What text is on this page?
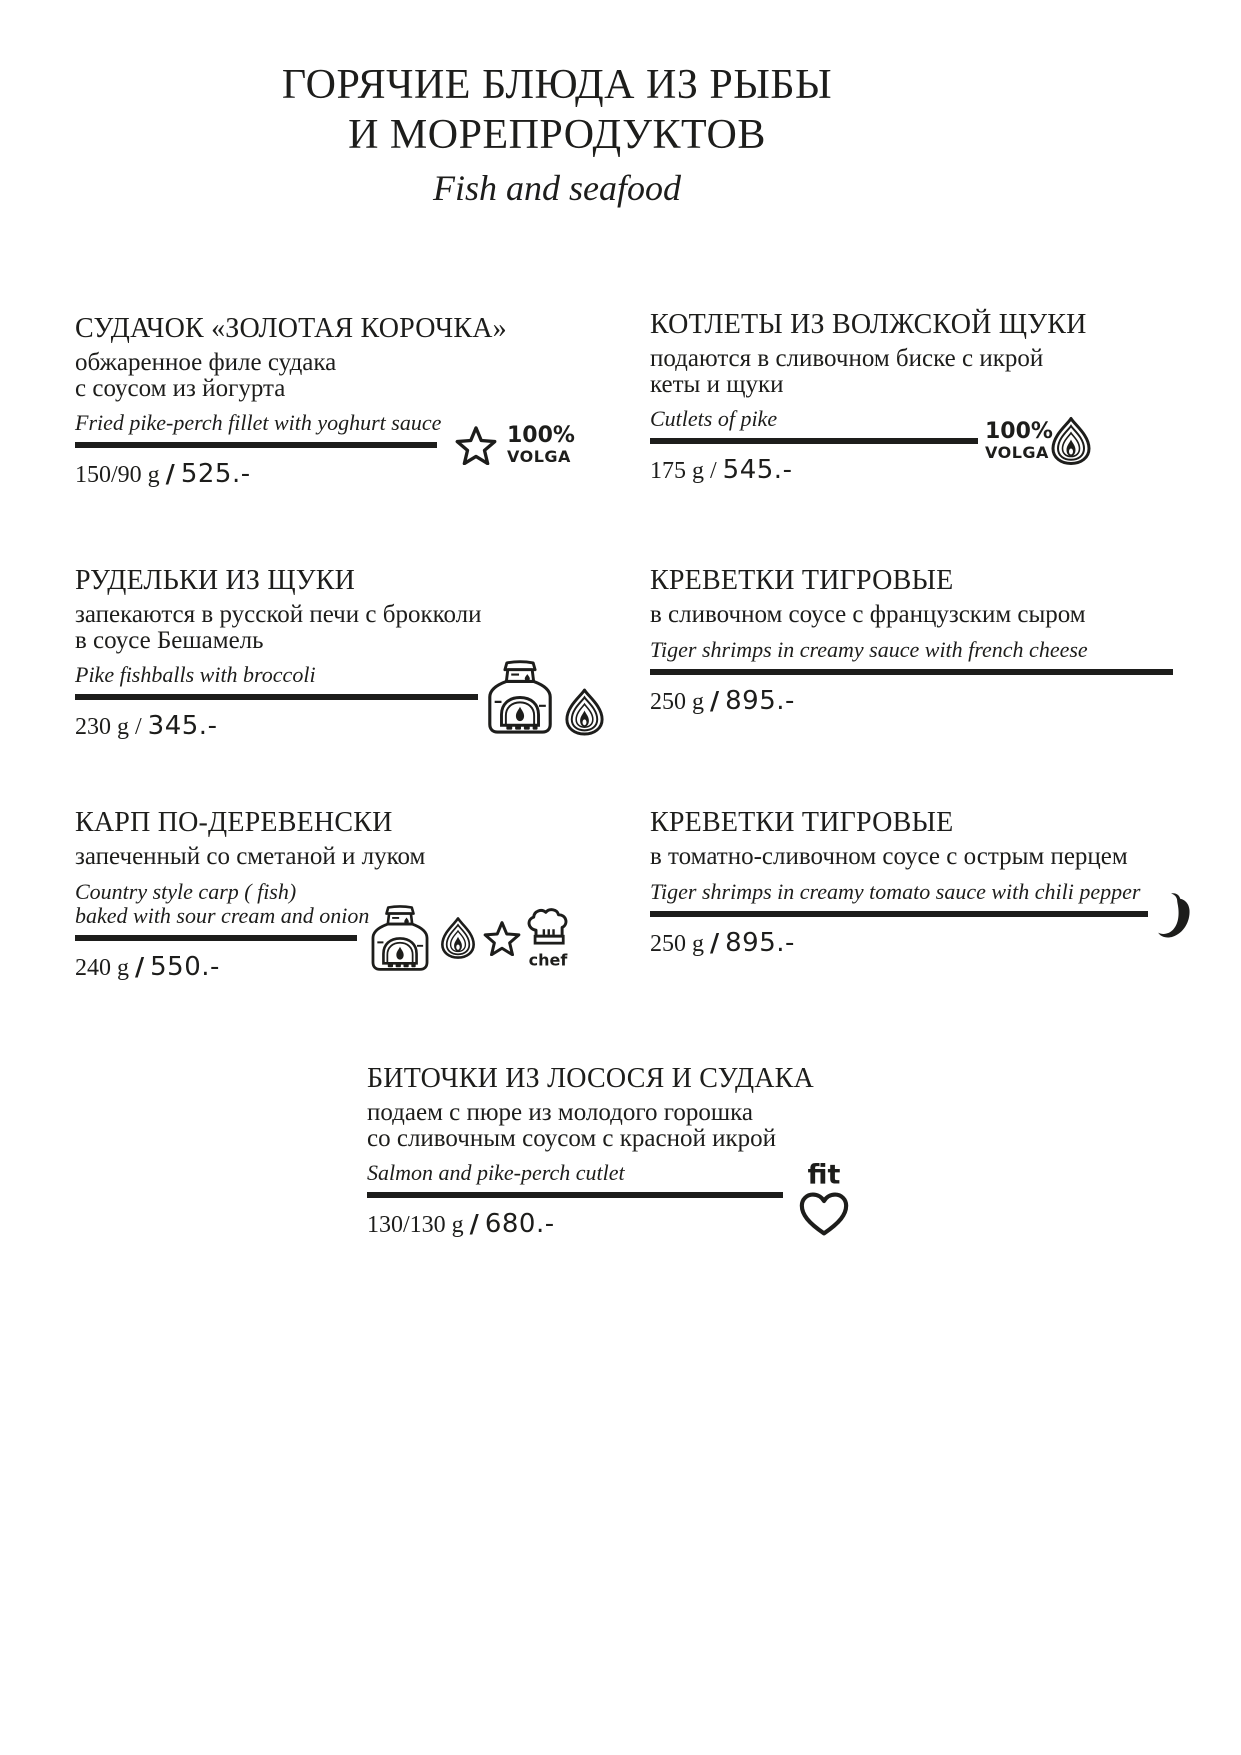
ГОРЯЧИЕ БЛЮДА ИЗ РЫБЫ
И МОРЕПРОДУКТОВ

Fish and seafood

СУДАЧОК «ЗОЛОТАЯ КОРОЧКА»

обжаренное филе судака
с соусом из йогурта

Fried pike-perch fillet with yoghurt sauce

100%
VOLGA

150/90 g / 525.-

КОТЛЕТЫ ИЗ ВОЛЖСКОЙ ЩУКИ

подаются в сливочном биске с икрой
кеты и щуки

Cutlets of pike

100%
VOLGA

175 g / 545.-

РУДЕЛЬКИ ИЗ ЩУКИ

запекаются в русской печи с брокколи
в соусе Бешамель

Pike fishballs with broccoli

230 g / 345.-

КРЕВЕТКИ ТИГРОВЫЕ

в сливочном соусе с французским сыром

Tiger shrimps in creamy sauce with french cheese

250 g / 895.-

КАРП ПО-ДЕРЕВЕНСКИ

запеченный со сметаной и луком

Country style carp ( fish)
baked with sour cream and onion

chef

240 g / 550.-

КРЕВЕТКИ ТИГРОВЫЕ

в томатно-сливочном соусе с острым перцем

Tiger shrimps in creamy tomato sauce with chili pepper

250 g / 895.-

БИТОЧКИ ИЗ ЛОСОСЯ И СУДАКА

подаем с пюре из молодого горошка
со сливочным соусом с красной икрой

Salmon and pike-perch cutlet	fit

130/130 g / 680.-
